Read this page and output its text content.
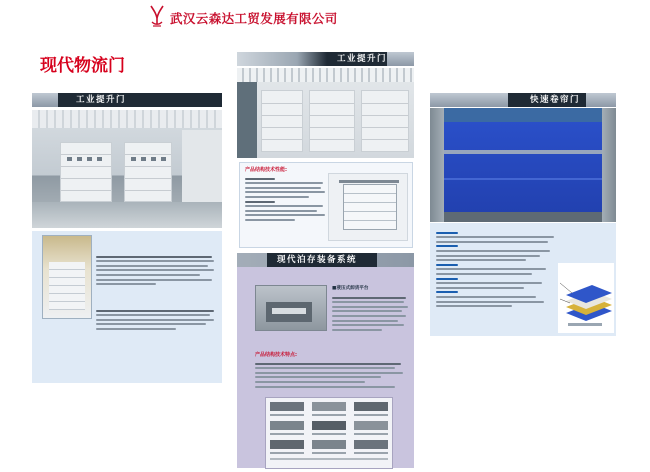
武汉云森达工贸发展有限公司
现代物流门
工业提升门
工业提升门
产品结构技术性能:
现代泊存装备系统
■液压式卸货平台
产品结构技术特点:
快速卷帘门
